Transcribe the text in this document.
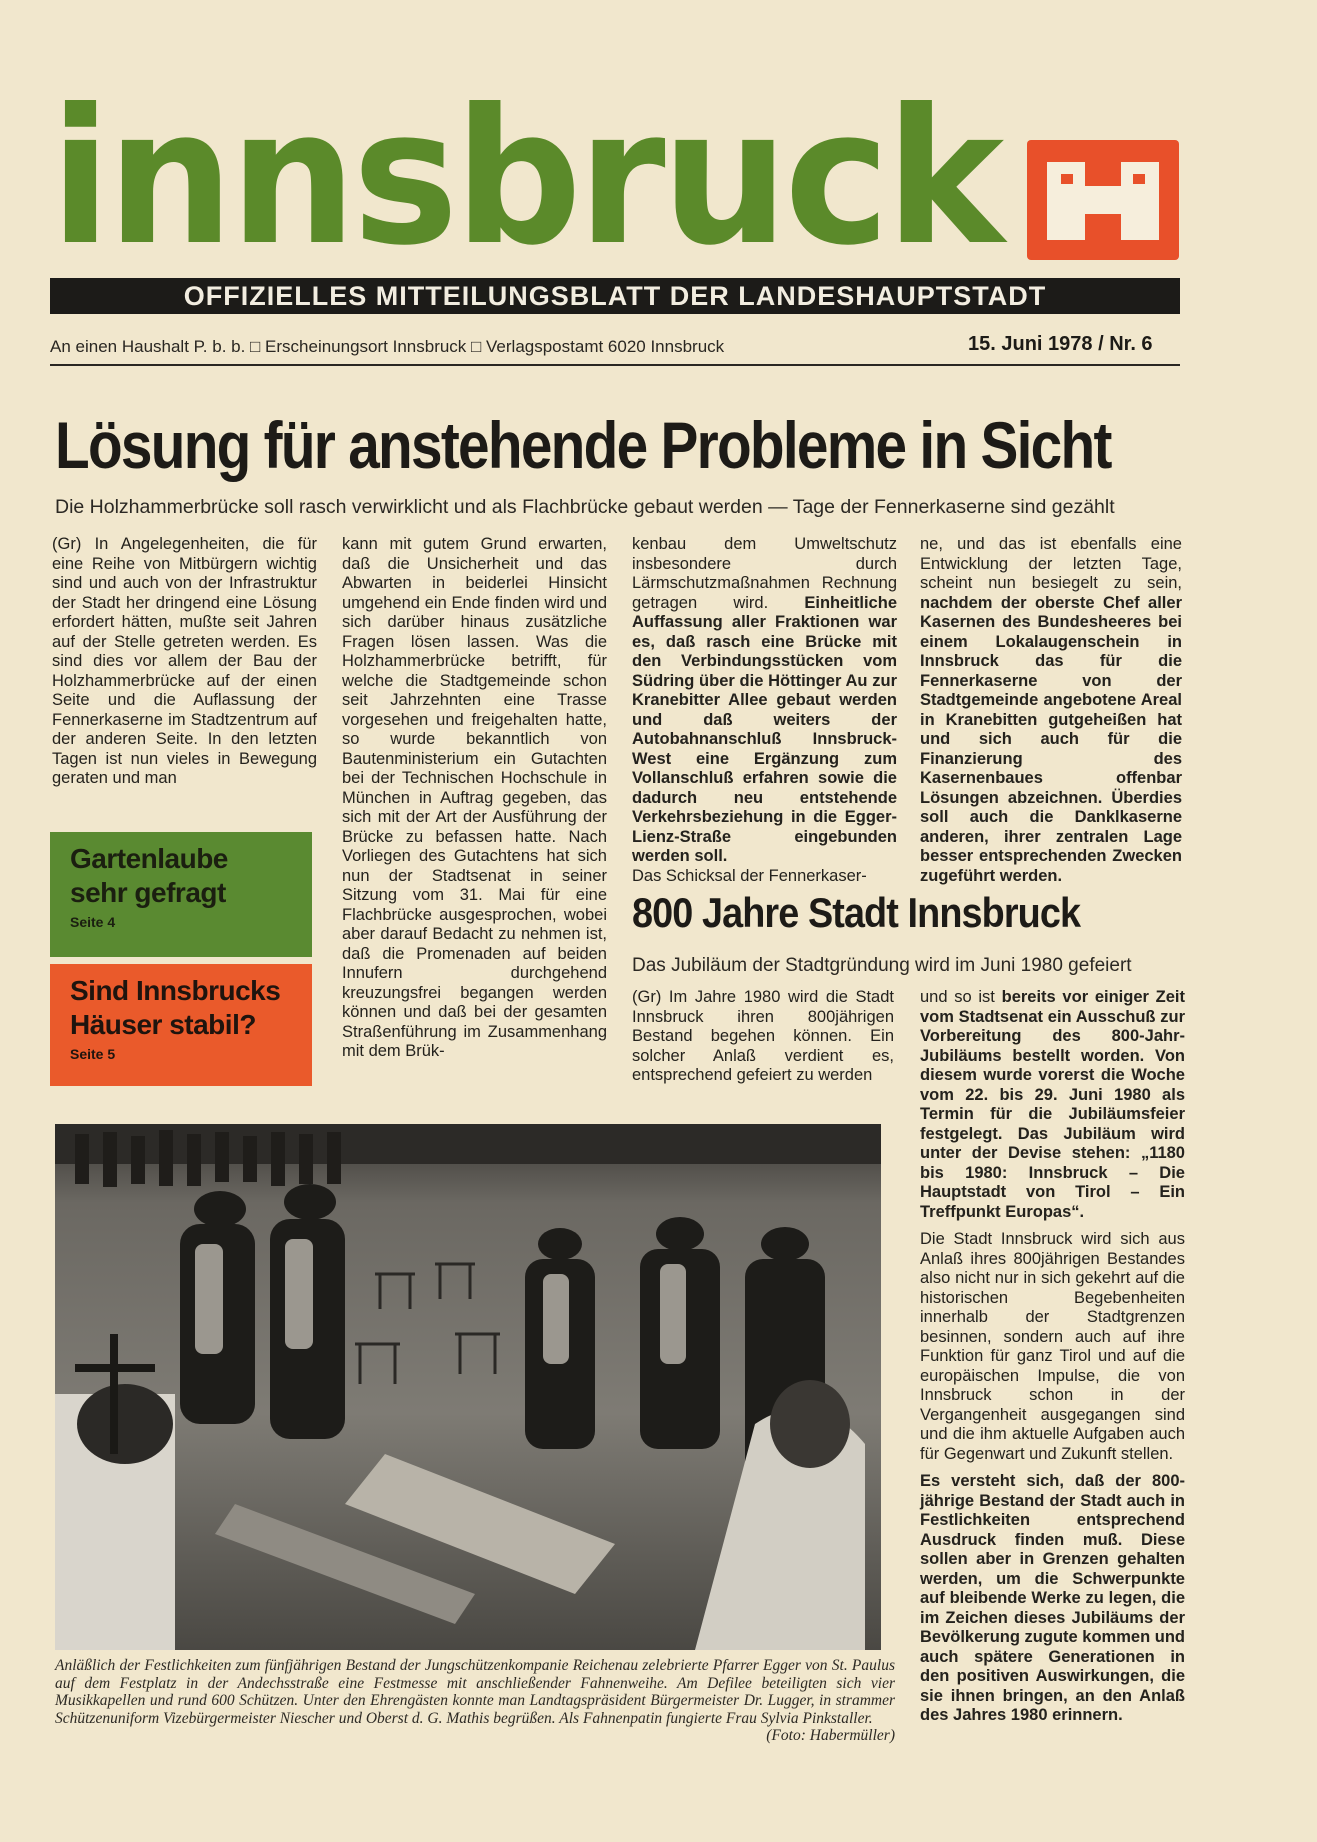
innsbruck
OFFIZIELLES MITTEILUNGSBLATT DER LANDESHAUPTSTADT
An einen Haushalt P. b. b. □ Erscheinungsort Innsbruck □ Verlagspostamt 6020 Innsbruck	15. Juni 1978 / Nr. 6
Lösung für anstehende Probleme in Sicht
Die Holzhammerbrücke soll rasch verwirklicht und als Flachbrücke gebaut werden — Tage der Fennerkaserne sind gezählt

(Gr) In Angelegenheiten, die für eine Reihe von Mitbürgern wichtig sind und auch von der Infrastruktur der Stadt her dringend eine Lösung erfordert hätten, mußte seit Jahren auf der Stelle getreten werden. Es sind dies vor allem der Bau der Holzhammerbrücke auf der einen Seite und die Auflassung der Fennerkaserne im Stadtzentrum auf der anderen Seite. In den letzten Tagen ist nun vieles in Bewegung geraten und man

kann mit gutem Grund erwarten, daß die Unsicherheit und das Abwarten in beiderlei Hinsicht umgehend ein Ende finden wird und sich darüber hinaus zusätzliche Fragen lösen lassen. Was die Holzhammerbrücke betrifft, für welche die Stadtgemeinde schon seit Jahrzehnten eine Trasse vorgesehen und freigehalten hatte, so wurde bekanntlich von Bautenministerium ein Gutachten bei der Technischen Hochschule in München in Auftrag gegeben, das sich mit der Art der Ausführung der Brücke zu befassen hatte. Nach Vorliegen des Gutachtens hat sich nun der Stadtsenat in seiner Sitzung vom 31. Mai für eine Flachbrücke ausgesprochen, wobei aber darauf Bedacht zu nehmen ist, daß die Promenaden auf beiden Innufern durchgehend kreuzungsfrei begangen werden können und daß bei der gesamten Straßenführung im Zusammenhang mit dem Brük-

kenbau dem Umweltschutz insbesondere durch Lärmschutzmaßnahmen Rechnung getragen wird. Einheitliche Auffassung aller Fraktionen war es, daß rasch eine Brücke mit den Verbindungsstücken vom Südring über die Höttinger Au zur Kranebitter Allee gebaut werden und daß weiters der Autobahnanschluß Innsbruck-West eine Ergänzung zum Vollanschluß erfahren sowie die dadurch neu entstehende Verkehrsbeziehung in die Egger-Lienz-Straße eingebunden werden soll.

Das Schicksal der Fennerkaser-

ne, und das ist ebenfalls eine Entwicklung der letzten Tage, scheint nun besiegelt zu sein, nachdem der oberste Chef aller Kasernen des Bundesheeres bei einem Lokalaugenschein in Innsbruck das für die Fennerkaserne von der Stadtgemeinde angebotene Areal in Kranebitten gutgeheißen hat und sich auch für die Finanzierung des Kasernenbaues offenbar Lösungen abzeichnen. Überdies soll auch die Danklkaserne anderen, ihrer zentralen Lage besser entsprechenden Zwecken zugeführt werden.

Gartenlaube
sehr gefragt
Seite 4
Sind Innsbrucks
Häuser stabil?
Seite 5
800 Jahre Stadt Innsbruck
Das Jubiläum der Stadtgründung wird im Juni 1980 gefeiert

(Gr) Im Jahre 1980 wird die Stadt Innsbruck ihren 800jährigen Bestand begehen können. Ein solcher Anlaß verdient es, entsprechend gefeiert zu werden

und so ist bereits vor einiger Zeit vom Stadtsenat ein Ausschuß zur Vorbereitung des 800-Jahr-Jubiläums bestellt worden. Von diesem wurde vorerst die Woche vom 22. bis 29. Juni 1980 als Termin für die Jubiläumsfeier festgelegt. Das Jubiläum wird unter der Devise stehen: „1180 bis 1980: Innsbruck – Die Hauptstadt von Tirol – Ein Treffpunkt Europas“.

Die Stadt Innsbruck wird sich aus Anlaß ihres 800jährigen Bestandes also nicht nur in sich gekehrt auf die historischen Begebenheiten innerhalb der Stadtgrenzen besinnen, sondern auch auf ihre Funktion für ganz Tirol und auf die europäischen Impulse, die von Innsbruck schon in der Vergangenheit ausgegangen sind und die ihm aktuelle Aufgaben auch für Gegenwart und Zukunft stellen.

Es versteht sich, daß der 800-jährige Bestand der Stadt auch in Festlichkeiten entsprechend Ausdruck finden muß. Diese sollen aber in Grenzen gehalten werden, um die Schwerpunkte auf bleibende Werke zu legen, die im Zeichen dieses Jubiläums der Bevölkerung zugute kommen und auch spätere Generationen in den positiven Auswirkungen, die sie ihnen bringen, an den Anlaß des Jahres 1980 erinnern.

Anläßlich der Festlichkeiten zum fünfjährigen Bestand der Jungschützenkompanie Reichenau zelebrierte Pfarrer Egger von St. Paulus auf dem Festplatz in der Andechsstraße eine Festmesse mit anschließender Fahnenweihe. Am Defilee beteiligten sich vier Musikkapellen und rund 600 Schützen. Unter den Ehrengästen konnte man Landtagspräsident Bürgermeister Dr. Lugger, in strammer Schützenuniform Vizebürgermeister Niescher und Oberst d. G. Mathis begrüßen. Als Fahnenpatin fungierte Frau Sylvia Pinkstaller.
(Foto: Habermüller)
